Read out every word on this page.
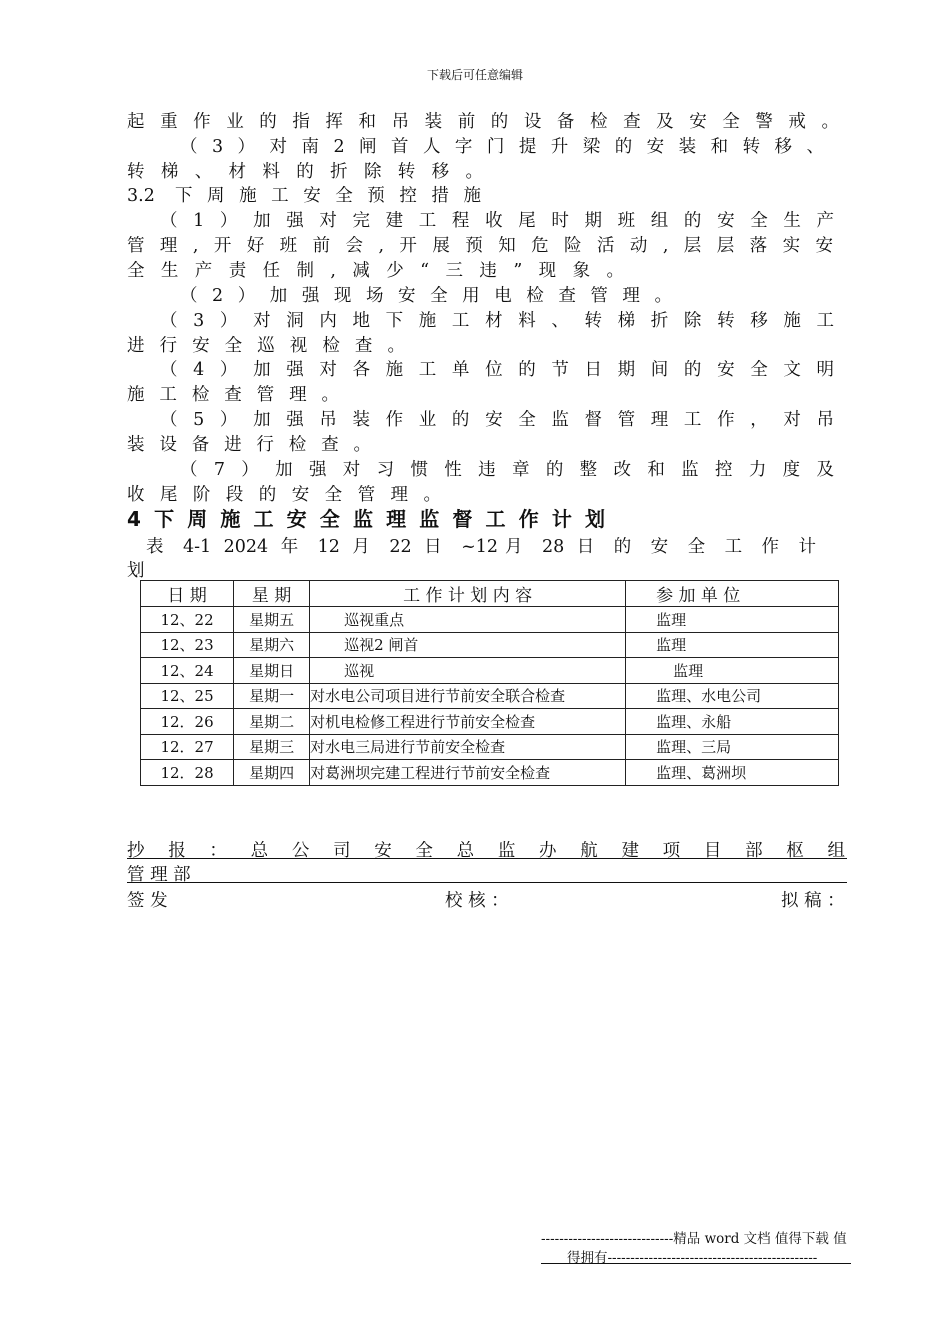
下载后可任意编辑
起重作业的指挥和吊装前的设备检查及安全警戒。
（3）对南2闸首人字门提升梁的安装和转移、
转梯、材料的折除转移。
3.2 下周施工安全预控措施
（1）加强对完建工程收尾时期班组的安全生产
管理,开好班前会,开展预知危险活动,层层落实安
全生产责任制,减少“三违”现象。
（2）加强现场安全用电检查管理。
（3）对洞内地下施工材料、转梯折除转移施工
进行安全巡视检查。
（4）加强对各施工单位的节日期间的安全文明
施工检查管理。
（5）加强吊装作业的安全监督管理工作，对吊
装设备进行检查。
（7）加强对习惯性违章的整改和监控力度及
收尾阶段的安全管理。
4下周施工安全监理监督工作计划
表 4-1 2024 年 12 月 22 日 ~12月 28 日 的 安 全 工 作 计
划
日 期	星 期	工 作 计 划 内 容	参 加 单 位
12、22	星期五	巡视重点	监理
12、23	星期六	巡视2 闸首	监理
12、24	星期日	巡视	监理
12、25	星期一	对水电公司项目进行节前安全联合检查	监理、水电公司
12．26	星期二	对机电检修工程进行节前安全检查	监理、永船
12．27	星期三	对水电三局进行节前安全检查	监理、三局
12．28	星期四	对葛洲坝完建工程进行节前安全检查	监理、葛洲坝
抄 报 ： 总 公 司 安 全 总 监 办 航 建 项 目 部 枢 组
管 理 部
签 发	校 核 ：	拟 稿 ：
-----------------------------精品 word 文档 值得下载 值
得拥有----------------------------------------------
